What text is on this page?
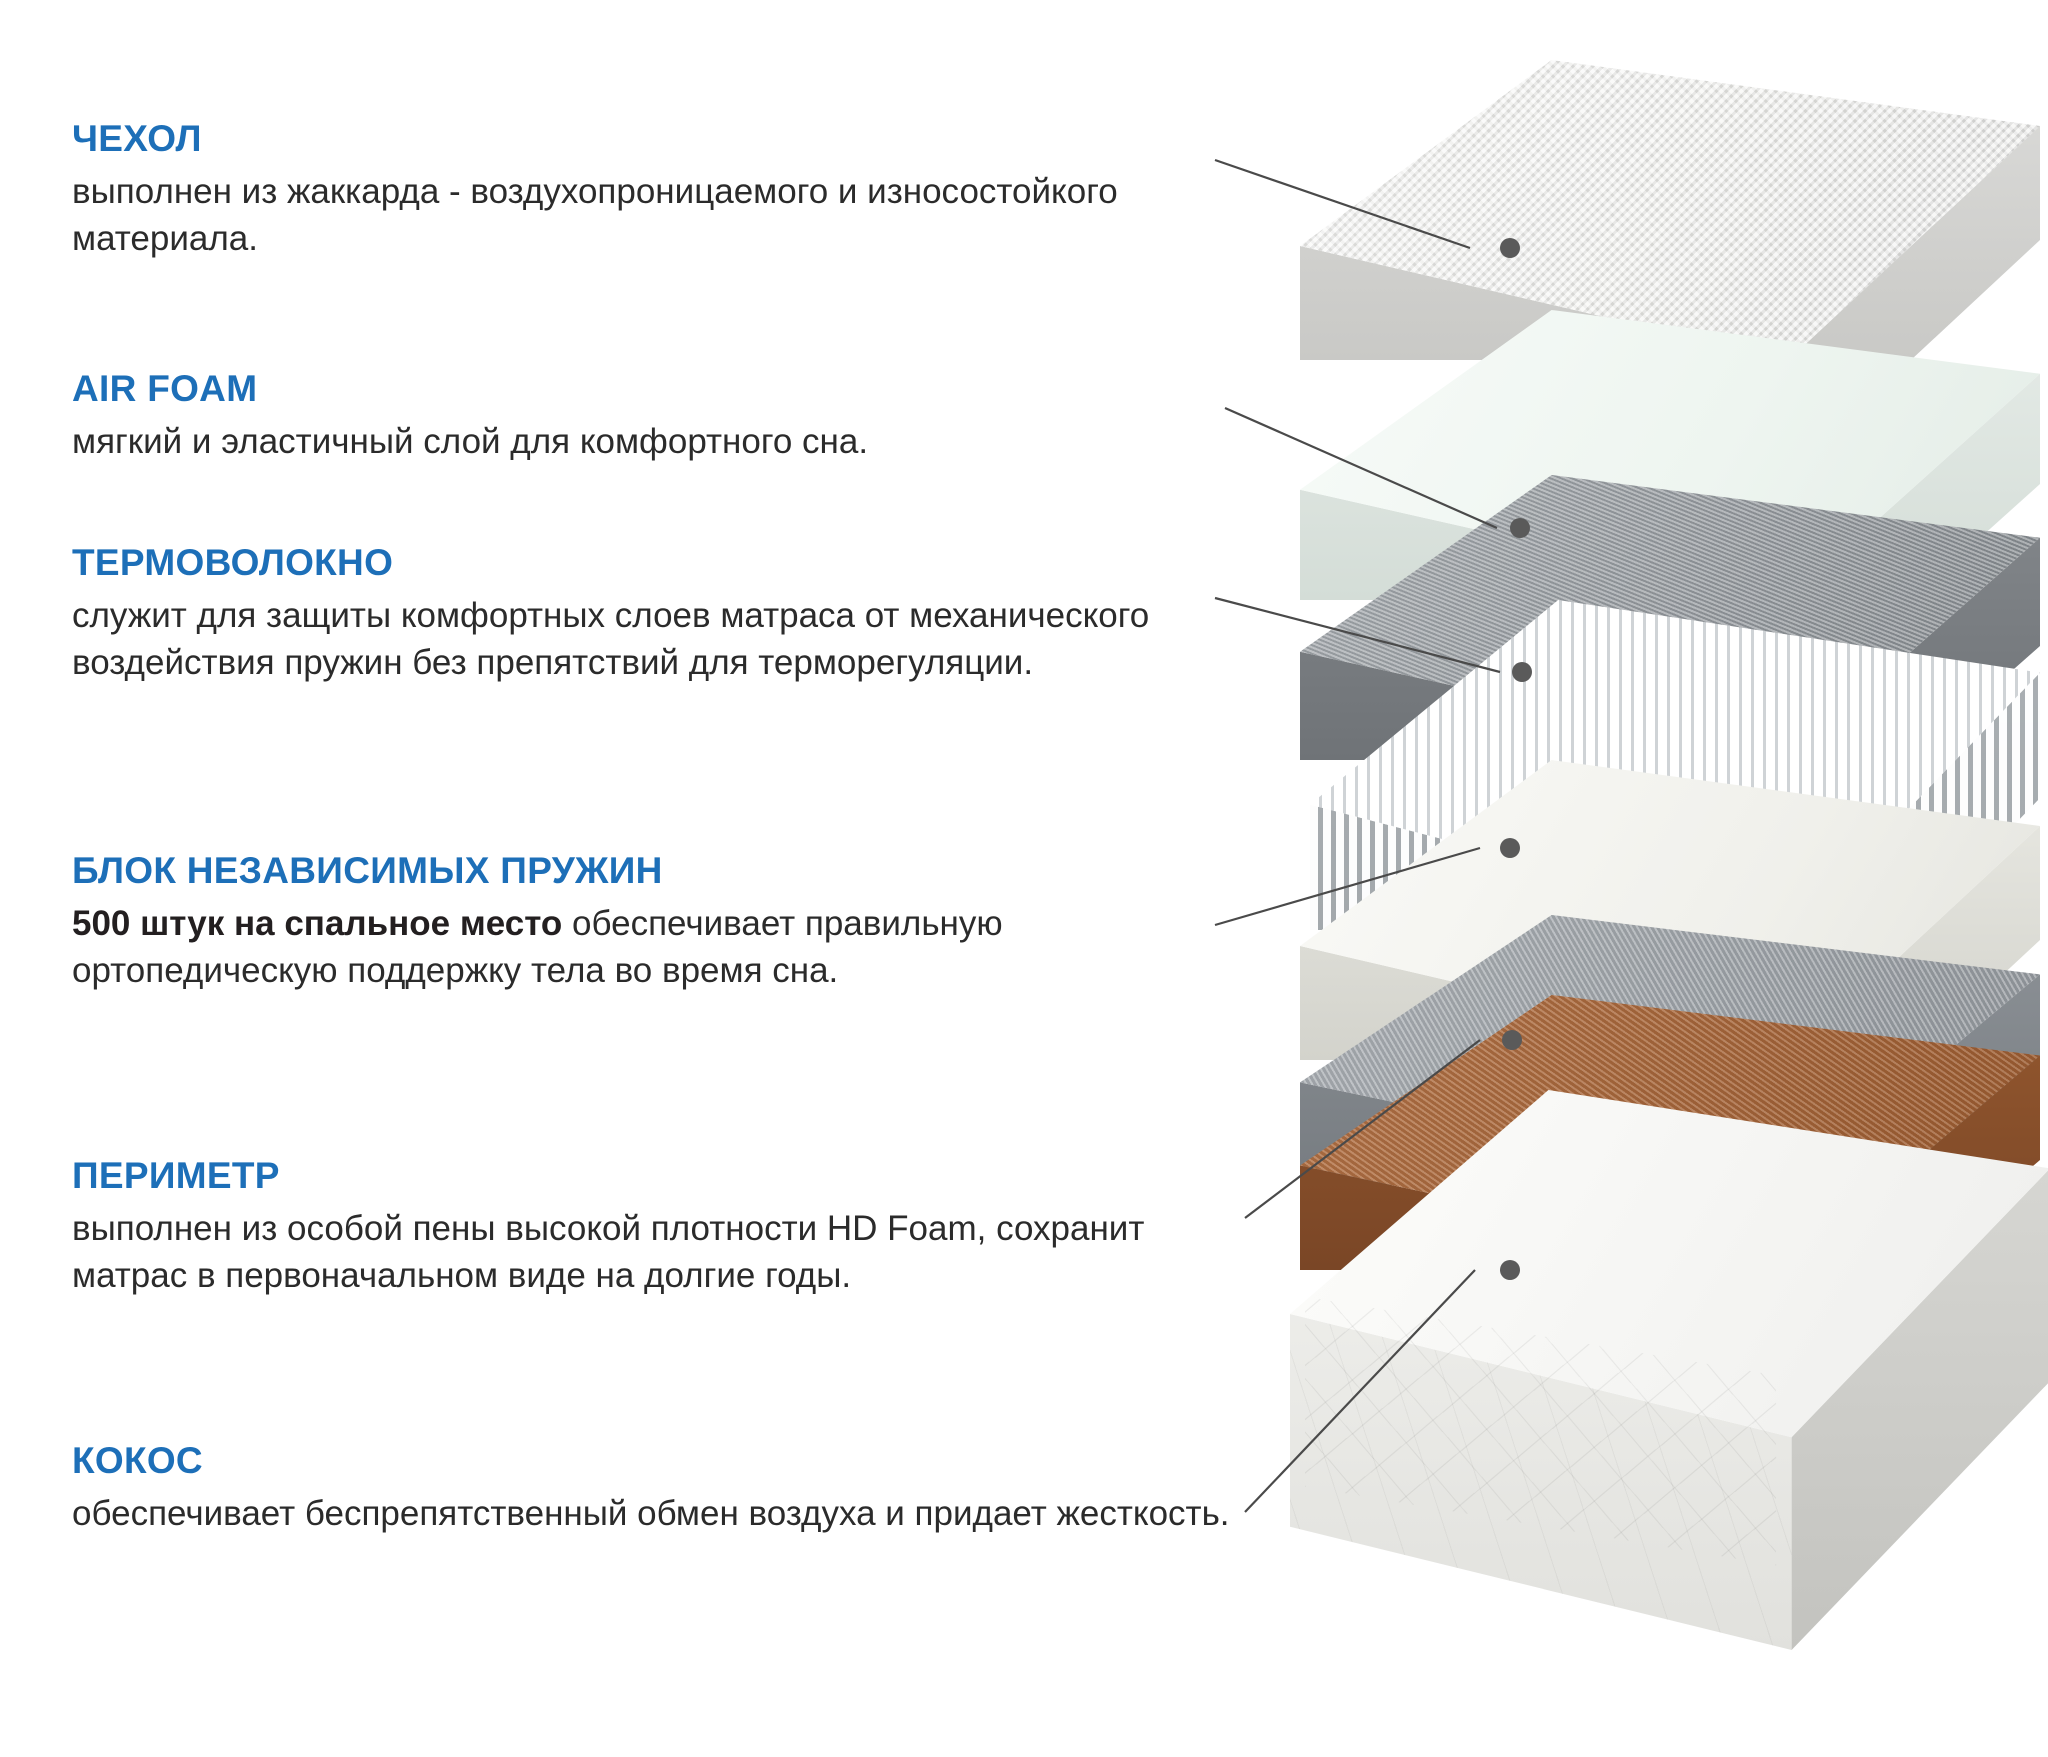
ЧЕХОЛ

выполнен из жаккарда - воздухопроницаемого и износостойкого материала.

AIR FOAM

мягкий и эластичный слой для комфортного сна.

ТЕРМОВОЛОКНО

служит для защиты комфортных слоев матраса от механического воздействия пружин без препятствий для терморегуляции.

БЛОК НЕЗАВИСИМЫХ ПРУЖИН

500 штук на спальное место обеспечивает правильную ортопедическую поддержку тела во время сна.

ПЕРИМЕТР

выполнен из особой пены высокой плотности HD Foam, сохранит матрас в первоначальном виде на долгие годы.

КОКОС

обеспечивает беспрепятственный обмен воздуха и придает жесткость.
